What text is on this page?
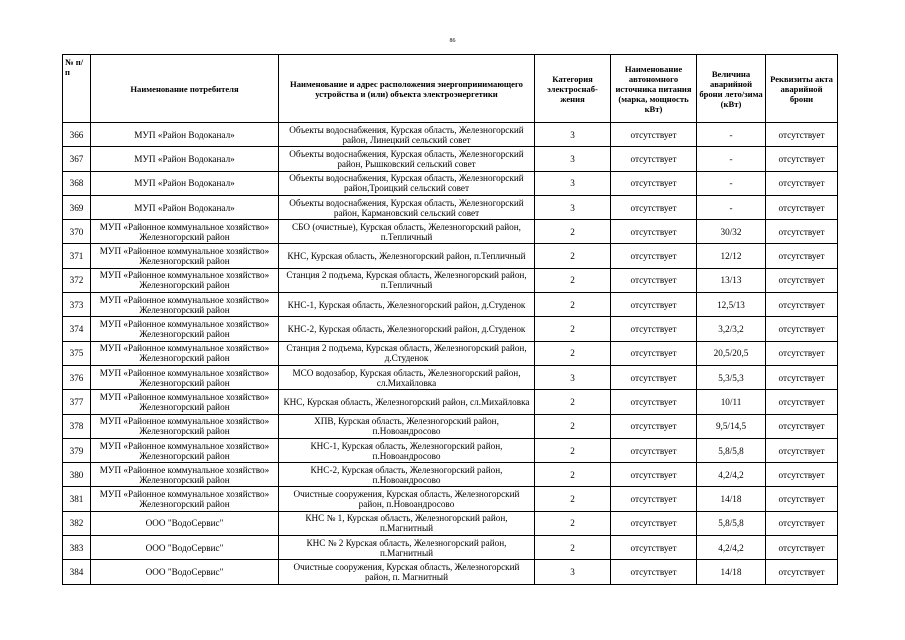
86
№ п/п	Наименование потребителя	Наименование и адрес расположения энергопринимающего устройства и (или) объекта электроэнергетики	Категория электроснаб-жения	Наименование автономного источника питания (марка, мощность кВт)	Величина аварийной брони лето/зима (кВт)	Реквизиты акта аварийной брони
366	МУП «Район Водоканал»	Объекты водоснабжения, Курская область, Железногорский район, Линецкий сельский совет	3	отсутствует	-	отсутствует
367	МУП «Район Водоканал»	Объекты водоснабжения, Курская область, Железногорский район, Рышковский сельский совет	3	отсутствует	-	отсутствует
368	МУП «Район Водоканал»	Объекты водоснабжения, Курская область, Железногорский район,Троицкий сельский совет	3	отсутствует	-	отсутствует
369	МУП «Район Водоканал»	Объекты водоснабжения, Курская область, Железногорский район, Кармановский сельский совет	3	отсутствует	-	отсутствует
370	МУП «Районное коммунальное хозяйство» Железногорский район	СБО (очистные), Курская область, Железногорский район, п.Тепличный	2	отсутствует	30/32	отсутствует
371	МУП «Районное коммунальное хозяйство» Железногорский район	КНС, Курская область, Железногорский район, п.Тепличный	2	отсутствует	12/12	отсутствует
372	МУП «Районное коммунальное хозяйство» Железногорский район	Станция 2 подъема, Курская область, Железногорский район, п.Тепличный	2	отсутствует	13/13	отсутствует
373	МУП «Районное коммунальное хозяйство» Железногорский район	КНС-1, Курская область, Железногорский район, д.Студенок	2	отсутствует	12,5/13	отсутствует
374	МУП «Районное коммунальное хозяйство» Железногорский район	КНС-2, Курская область, Железногорский район, д.Студенок	2	отсутствует	3,2/3,2	отсутствует
375	МУП «Районное коммунальное хозяйство» Железногорский район	Станция 2 подъема, Курская область, Железногорский район, д.Студенок	2	отсутствует	20,5/20,5	отсутствует
376	МУП «Районное коммунальное хозяйство» Железногорский район	МСО водозабор, Курская область, Железногорский район, сл.Михайловка	3	отсутствует	5,3/5,3	отсутствует
377	МУП «Районное коммунальное хозяйство» Железногорский район	КНС, Курская область, Железногорский район, сл.Михайловка	2	отсутствует	10/11	отсутствует
378	МУП «Районное коммунальное хозяйство» Железногорский район	ХПВ, Курская область, Железногорский район, п.Новоандросово	2	отсутствует	9,5/14,5	отсутствует
379	МУП «Районное коммунальное хозяйство» Железногорский район	КНС-1, Курская область, Железногорский район, п.Новоандросово	2	отсутствует	5,8/5,8	отсутствует
380	МУП «Районное коммунальное хозяйство» Железногорский район	КНС-2, Курская область, Железногорский район, п.Новоандросово	2	отсутствует	4,2/4,2	отсутствует
381	МУП «Районное коммунальное хозяйство» Железногорский район	Очистные сооружения, Курская область, Железногорский район, п.Новоандросово	2	отсутствует	14/18	отсутствует
382	ООО "ВодоСервис"	КНС № 1, Курская область, Железногорский район, п.Магнитный	2	отсутствует	5,8/5,8	отсутствует
383	ООО "ВодоСервис"	КНС № 2 Курская область, Железногорский район, п.Магнитный	2	отсутствует	4,2/4,2	отсутствует
384	ООО "ВодоСервис"	Очистные сооружения, Курская область, Железногорский район, п. Магнитный	3	отсутствует	14/18	отсутствует
